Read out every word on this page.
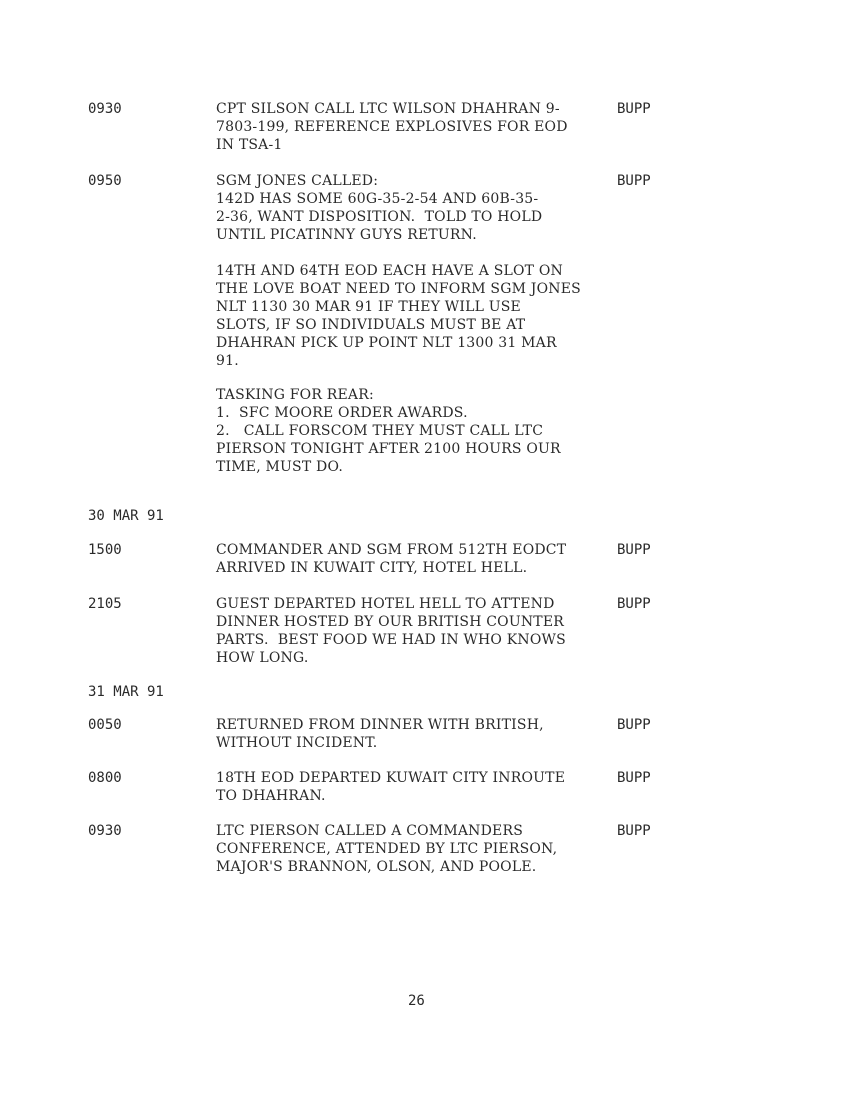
0930	CPT SILSON CALL LTC WILSON DHAHRAN 9-
7803-199, REFERENCE EXPLOSIVES FOR EOD
IN TSA-1
BUPP
0950	SGM JONES CALLED:
142D HAS SOME 60G-35-2-54 AND 60B-35-
2-36, WANT DISPOSITION.  TOLD TO HOLD
UNTIL PICATINNY GUYS RETURN.
BUPP
14TH AND 64TH EOD EACH HAVE A SLOT ON
THE LOVE BOAT NEED TO INFORM SGM JONES
NLT 1130 30 MAR 91 IF THEY WILL USE
SLOTS, IF SO INDIVIDUALS MUST BE AT
DHAHRAN PICK UP POINT NLT 1300 31 MAR
91.
TASKING FOR REAR:
1.  SFC MOORE ORDER AWARDS.
2.   CALL FORSCOM THEY MUST CALL LTC
PIERSON TONIGHT AFTER 2100 HOURS OUR
TIME, MUST DO.
30 MAR 91
1500	COMMANDER AND SGM FROM 512TH EODCT
ARRIVED IN KUWAIT CITY, HOTEL HELL.
BUPP
2105	GUEST DEPARTED HOTEL HELL TO ATTEND
DINNER HOSTED BY OUR BRITISH COUNTER
PARTS.  BEST FOOD WE HAD IN WHO KNOWS
HOW LONG.
BUPP
31 MAR 91
0050	RETURNED FROM DINNER WITH BRITISH,
WITHOUT INCIDENT.
BUPP
0800	18TH EOD DEPARTED KUWAIT CITY INROUTE
TO DHAHRAN.
BUPP
0930	LTC PIERSON CALLED A COMMANDERS
CONFERENCE, ATTENDED BY LTC PIERSON,
MAJOR'S BRANNON, OLSON, AND POOLE.
BUPP
26
